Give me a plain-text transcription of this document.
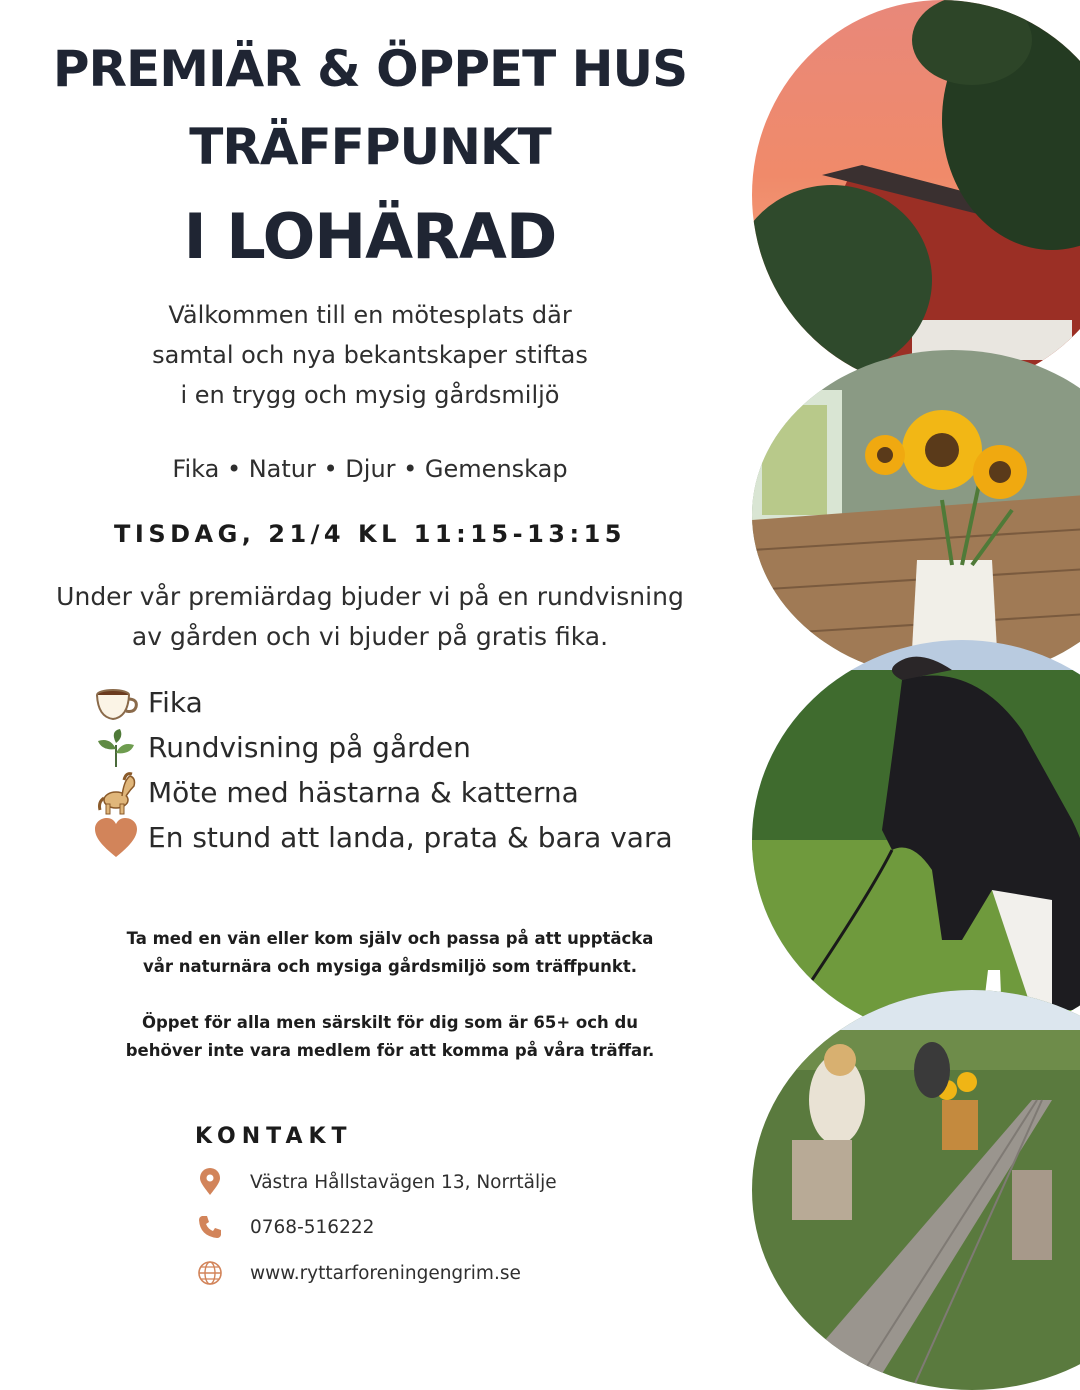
PREMIÄR & ÖPPET HUS
TRÄFFPUNKT
I LOHÄRAD
Välkommen till en mötesplats där
samtal och nya bekantskaper stiftas
i en trygg och mysig gårdsmiljö
Fika • Natur • Djur • Gemenskap
TISDAG, 21/4 KL 11:15-13:15
Under vår premiärdag bjuder vi på en rundvisning
av gården och vi bjuder på gratis fika.
Fika
Rundvisning på gården
Möte med hästarna & katterna
En stund att landa, prata & bara vara
Ta med en vän eller kom själv och passa på att upptäcka
vår naturnära och mysiga gårdsmiljö som träffpunkt.
Öppet för alla men särskilt för dig som är 65+ och du
behöver inte vara medlem för att komma på våra träffar.
KONTAKT
Västra Hållstavägen 13, Norrtälje
0768-516222
www.ryttarforeningengrim.se
